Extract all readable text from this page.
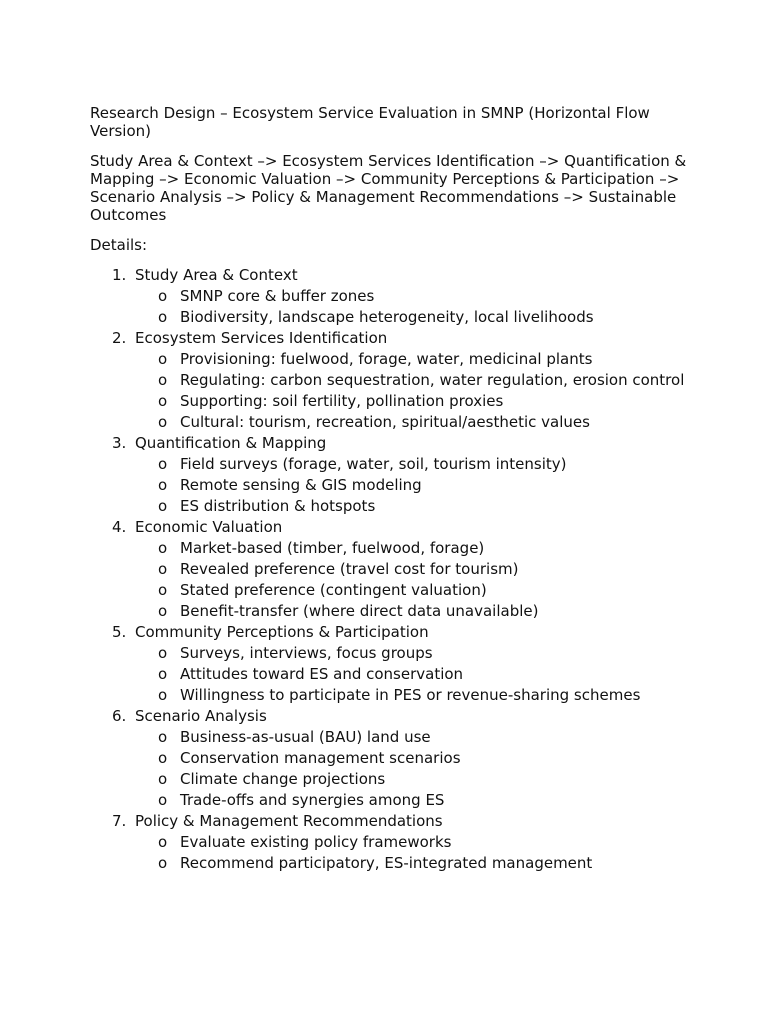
Research Design – Ecosystem Service Evaluation in SMNP (Horizontal Flow Version)

Study Area & Context –> Ecosystem Services Identification –> Quantification & Mapping –> Economic Valuation –> Community Perceptions & Participation –> Scenario Analysis –> Policy & Management Recommendations –> Sustainable Outcomes

Details:

1. Study Area & Context
o SMNP core & buffer zones
o Biodiversity, landscape heterogeneity, local livelihoods
2. Ecosystem Services Identification
o Provisioning: fuelwood, forage, water, medicinal plants
o Regulating: carbon sequestration, water regulation, erosion control
o Supporting: soil fertility, pollination proxies
o Cultural: tourism, recreation, spiritual/aesthetic values
3. Quantification & Mapping
o Field surveys (forage, water, soil, tourism intensity)
o Remote sensing & GIS modeling
o ES distribution & hotspots
4. Economic Valuation
o Market-based (timber, fuelwood, forage)
o Revealed preference (travel cost for tourism)
o Stated preference (contingent valuation)
o Benefit-transfer (where direct data unavailable)
5. Community Perceptions & Participation
o Surveys, interviews, focus groups
o Attitudes toward ES and conservation
o Willingness to participate in PES or revenue-sharing schemes
6. Scenario Analysis
o Business-as-usual (BAU) land use
o Conservation management scenarios
o Climate change projections
o Trade-offs and synergies among ES
7. Policy & Management Recommendations
o Evaluate existing policy frameworks
o Recommend participatory, ES-integrated management
